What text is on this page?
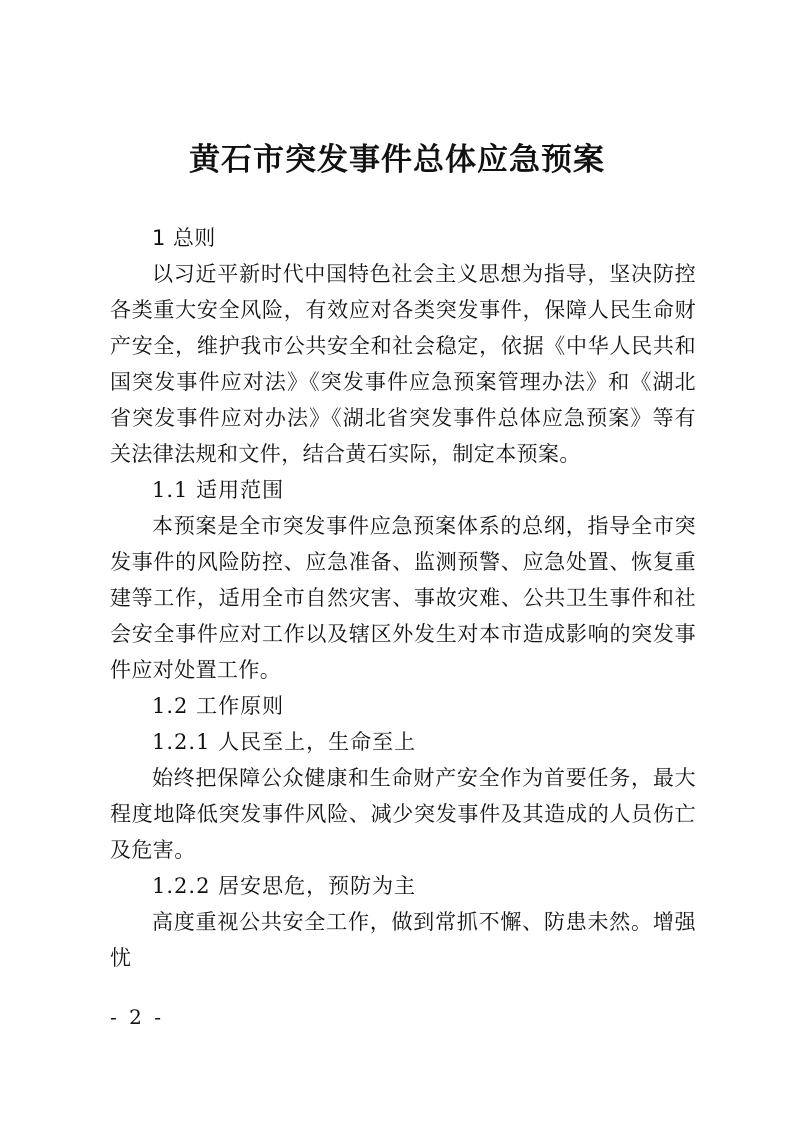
黄石市突发事件总体应急预案

1 总则

以习近平新时代中国特色社会主义思想为指导，坚决防控各类重大安全风险，有效应对各类突发事件，保障人民生命财产安全，维护我市公共安全和社会稳定，依据《中华人民共和国突发事件应对法》《突发事件应急预案管理办法》和《湖北省突发事件应对办法》《湖北省突发事件总体应急预案》等有关法律法规和文件，结合黄石实际，制定本预案。

1.1 适用范围

本预案是全市突发事件应急预案体系的总纲，指导全市突发事件的风险防控、应急准备、监测预警、应急处置、恢复重建等工作，适用全市自然灾害、事故灾难、公共卫生事件和社会安全事件应对工作以及辖区外发生对本市造成影响的突发事件应对处置工作。

1.2 工作原则

1.2.1 人民至上，生命至上

始终把保障公众健康和生命财产安全作为首要任务，最大程度地降低突发事件风险、减少突发事件及其造成的人员伤亡及危害。

1.2.2 居安思危，预防为主

高度重视公共安全工作，做到常抓不懈、防患未然。增强忧

- 2 -
